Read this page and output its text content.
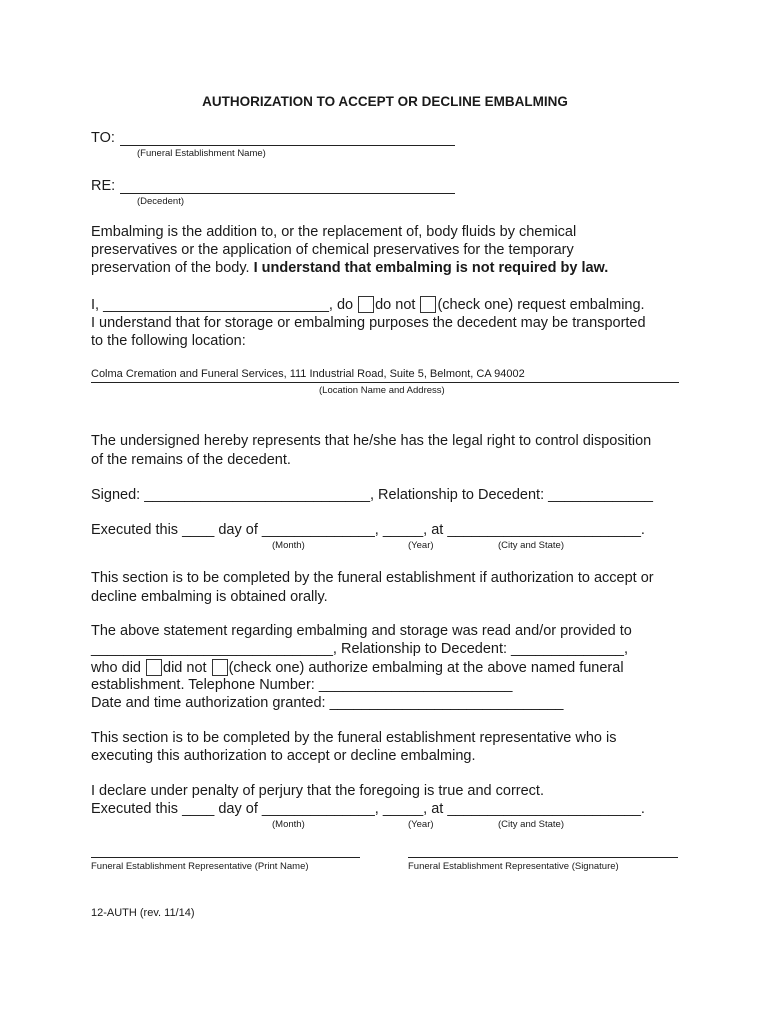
AUTHORIZATION TO ACCEPT OR DECLINE EMBALMING
TO:
(Funeral Establishment Name)
RE:
(Decedent)
Embalming is the addition to, or the replacement of, body fluids by chemical
preservatives or the application of chemical preservatives for the temporary
preservation of the body. I understand that embalming is not required by law.
I, ____________________________, do do not (check one) request embalming.
I understand that for storage or embalming purposes the decedent may be transported
to the following location:
Colma Cremation and Funeral Services, 111 Industrial Road, Suite 5, Belmont, CA 94002
(Location Name and Address)
The undersigned hereby represents that he/she has the legal right to control disposition
of the remains of the decedent.
Signed: ____________________________, Relationship to Decedent: _____________
Executed this ____ day of ______________, _____, at ________________________.
(Month)	(Year)	(City and State)
This section is to be completed by the funeral establishment if authorization to accept or
decline embalming is obtained orally.
The above statement regarding embalming and storage was read and/or provided to
______________________________, Relationship to Decedent: ______________,
who did did not (check one) authorize embalming at the above named funeral
establishment. Telephone Number: ________________________
Date and time authorization granted: _____________________________
This section is to be completed by the funeral establishment representative who is
executing this authorization to accept or decline embalming.
I declare under penalty of perjury that the foregoing is true and correct.
Executed this ____ day of ______________, _____, at ________________________.
(Month)	(Year)	(City and State)
Funeral Establishment Representative (Print Name)	Funeral Establishment Representative (Signature)
12-AUTH (rev. 11/14)
